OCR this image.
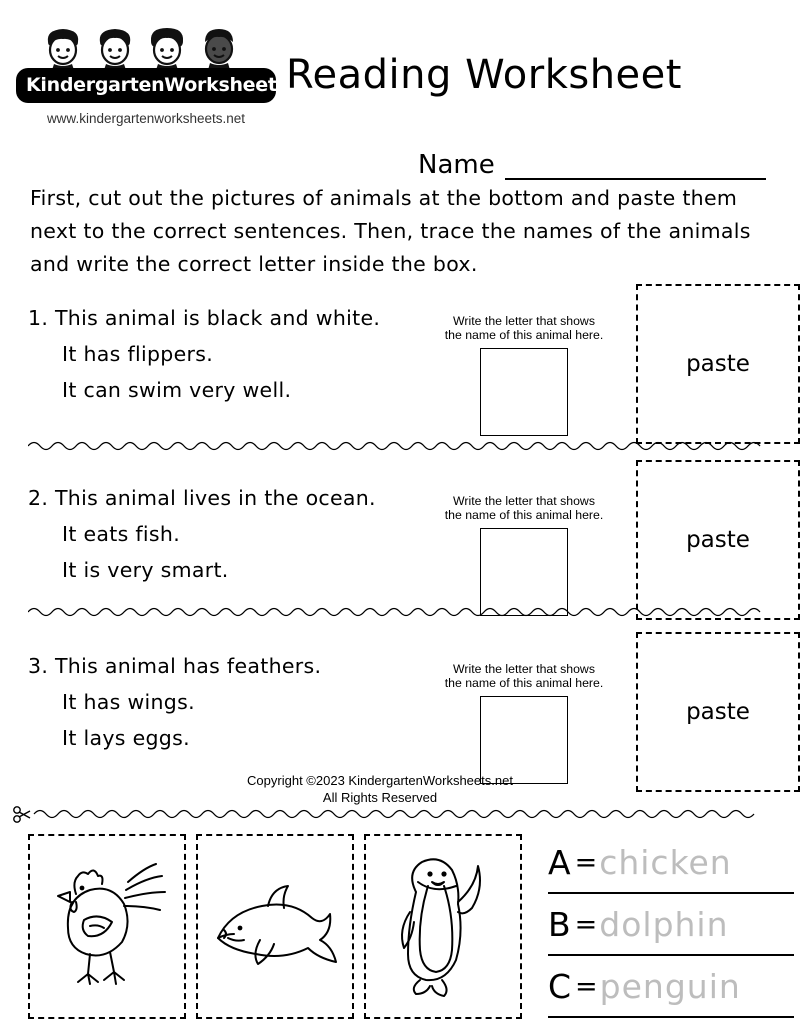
KindergartenWorksheets.net
www.kindergartenworksheets.net
Reading Worksheet
Name
First, cut out the pictures of animals at the bottom and paste them next to the correct sentences. Then, trace the names of the animals and write the correct letter inside the box.
1. This animal is black and white.
It has flippers.
It can swim very well.
Write the letter that shows the name of this animal here.
paste
2. This animal lives in the ocean.
It eats fish.
It is very smart.
Write the letter that shows the name of this animal here.
paste
3. This animal has feathers.
It has wings.
It lays eggs.
Write the letter that shows the name of this animal here.
paste
Copyright ©2023 KindergartenWorksheets.net
All Rights Reserved
A = chicken
B = dolphin
C = penguin
